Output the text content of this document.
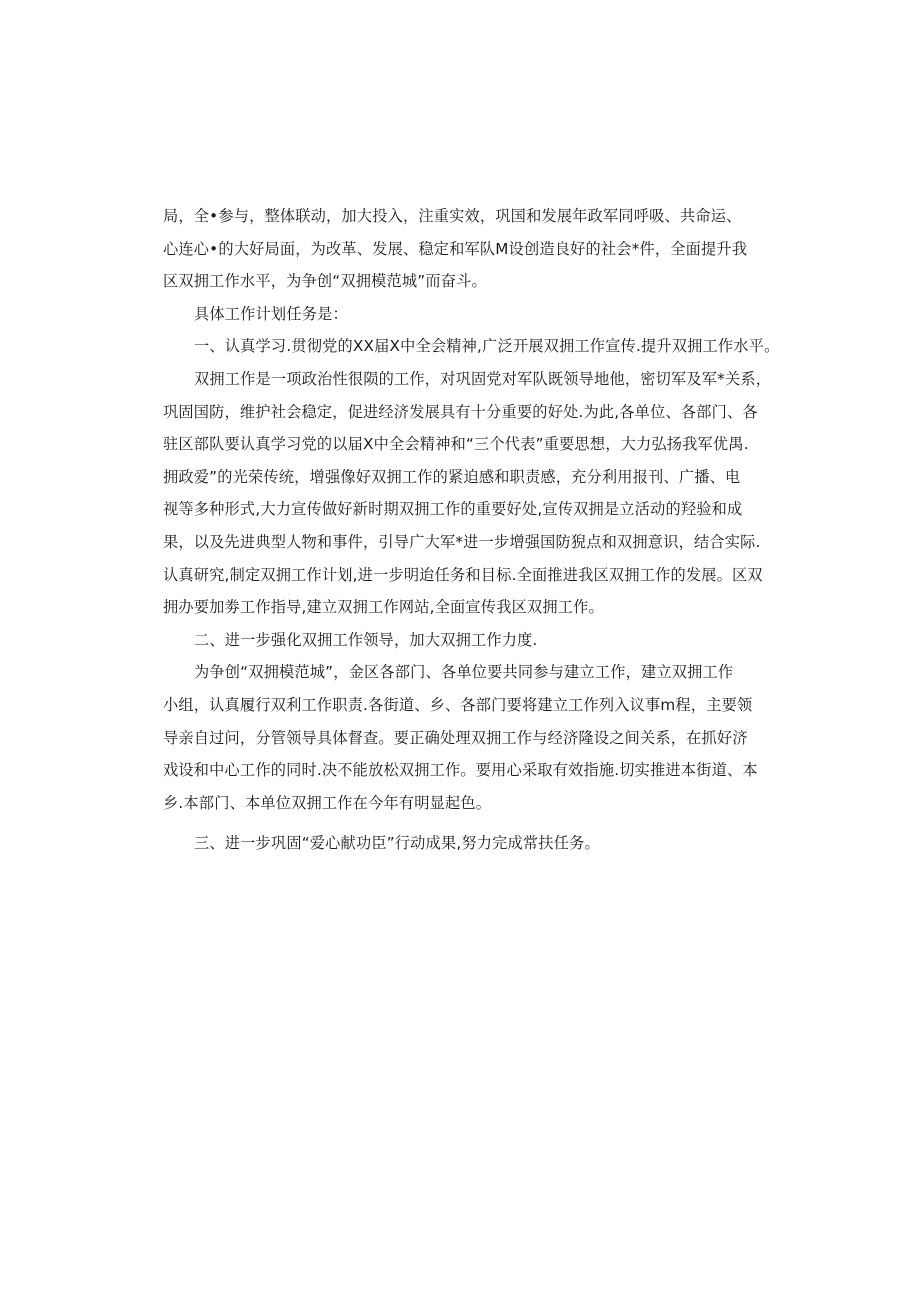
局，全•参与，整体联动，加大投入，注重实效，巩国和发展年政军同呼吸、共命运、
心连心•的大好局面，为改革、发展、稳定和军队M设创造良好的社会*件，全面提升我
区双拥工作水平，为争创“双拥模范城”而奋斗。

具体工作计划任务是：

一、认真学习.贯彻党的XX届X中全会精神,广泛开展双拥工作宣传.提升双拥工作水平。

双拥工作是一项政治性很陨的工作，对巩固党对军队既领导地他，密切军及军*关系，
巩固国防，维护社会稳定，促进经济发展具有十分重要的好处.为此,各单位、各部门、各
驻区部队要认真学习党的以届X中全会精神和“三个代表”重要思想，大力弘扬我军优禺.
拥政爱”的光荣传统，增强像好双拥工作的紧迫感和职责感，充分利用报刊、广播、电
视等多种形式,大力宣传做好新时期双拥工作的重要好处,宣传双拥是立活动的羟验和成
果，以及先进典型人物和事件，引导广大军*进一步增强国防猊点和双拥意识，结合实际.
认真研究,制定双拥工作计划,进一步明迨任务和目标.全面推进我区双拥工作的发展。区双
拥办要加劵工作指导,建立双拥工作网站,全面宣传我区双拥工作。

二、进一步强化双拥工作领导，加大双拥工作力度.

为争创“双拥模范城”，金区各部门、各单位要共同参与建立工作，建立双拥工作
小组，认真履行双利工作职责.各街道、乡、各部门要将建立工作列入议事m程，主要领
导亲自过问，分管领导具体督查。要正确处理双拥工作与经济隆设之间关系，在抓好济
戏设和中心工作的同时.决不能放松双拥工作。要用心采取有效指施.切实推进本街道、本
乡.本部门、本单位双拥工作在今年有明显起色。

三、进一步巩固“爱心献功臣”行动成果,努力完成常扶任务。
